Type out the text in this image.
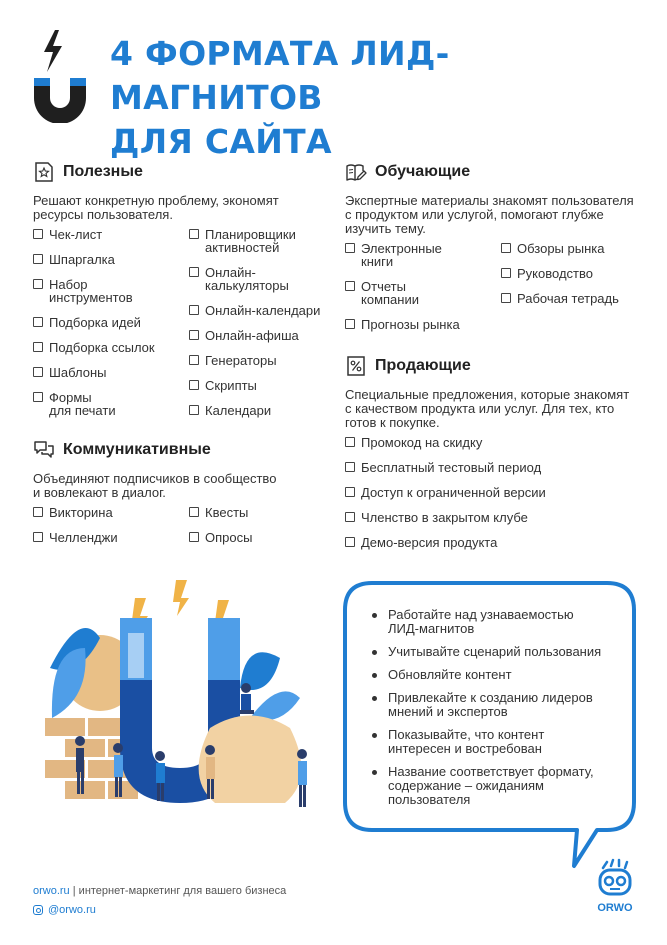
4 ФОРМАТА ЛИД-МАГНИТОВ
ДЛЯ САЙТА
Полезные
Решают конкретную проблему, экономят
ресурсы пользователя.
Чек-лист
Шпаргалка
Набор
инструментов
Подборка идей
Подборка ссылок
Шаблоны
Формы
для печати
Планировщики
активностей
Онлайн-
калькуляторы
Онлайн-календари
Онлайн-афиша
Генераторы
Скрипты
Календари
Коммуникативные
Объединяют подписчиков в сообщество
и вовлекают в диалог.
Викторина
Челленджи
Квесты
Опросы
Обучающие
Экспертные материалы знакомят пользователя
с продуктом или услугой, помогают глубже
изучить тему.
Электронные
книги
Отчеты
компании
Прогнозы рынка
Обзоры рынка
Руководство
Рабочая тетрадь
Продающие
Специальные предложения, которые знакомят
с качеством продукта или услуг. Для тех, кто
готов к покупке.
Промокод на скидку
Бесплатный тестовый период
Доступ к ограниченной версии
Членство в закрытом клубе
Демо-версия продукта
Работайте над узнаваемостью
ЛИД-магнитов
Учитывайте сценарий пользования
Обновляйте контент
Привлекайте к созданию лидеров
мнений и экспертов
Показывайте, что контент
интересен и востребован
Название соответствует формату,
содержание – ожиданиям
пользователя
orwo.ru | интернет-маркетинг для вашего бизнеса
@orwo.ru	ORWO
